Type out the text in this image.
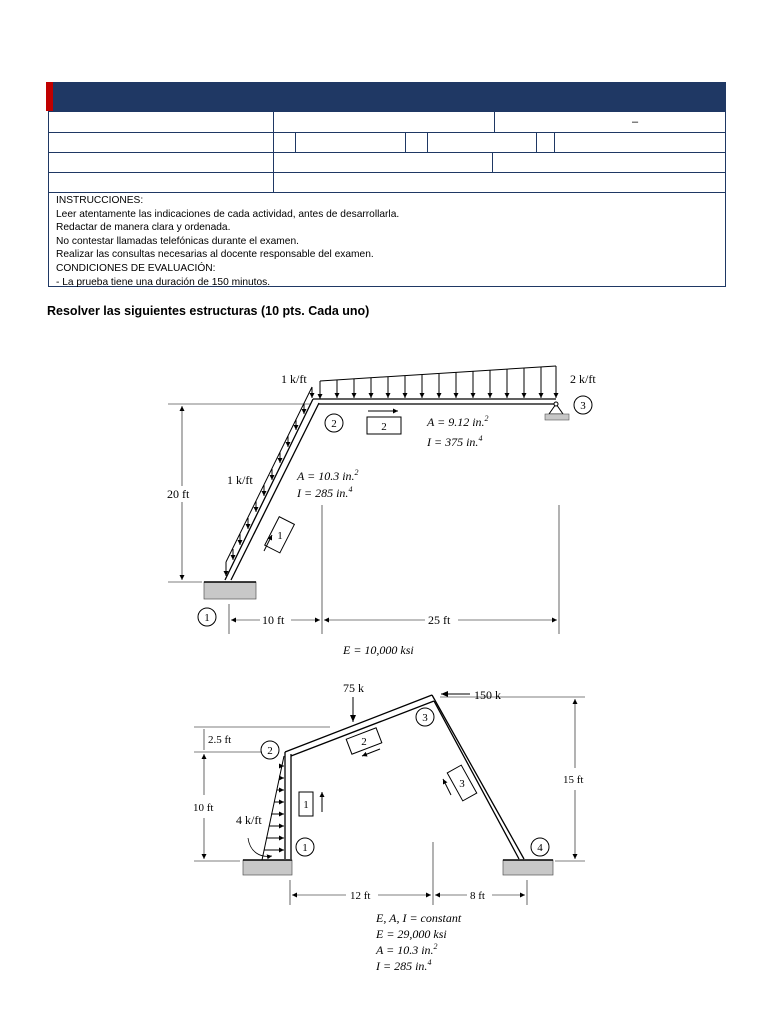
–
INSTRUCCIONES:
Leer atentamente las indicaciones de cada actividad, antes de desarrollarla.
Redactar de manera clara y ordenada.
No contestar llamadas telefónicas durante el examen.
Realizar las consultas necesarias al docente responsable del examen.
CONDICIONES DE EVALUACIÓN:
- La prueba tiene una duración de 150 minutos.
Resolver las siguientes estructuras (10 pts. Cada uno)
1 k/ft	2 k/ft
1 k/ft
2
3
2
1
A = 9.12 in.$^2$
I = 375 in.$^4$
A = 10.3 in.$^2$
I = 285 in.$^4$
20 ft
10 ft	25 ft
1
E = 10,000 ksi
4 k/ft
75 k	150 k
2
3
1	4
1
2
3
2.5 ft
10 ft
15 ft
12 ft	8 ft
E, A, I = constant
E = 29,000 ksi
A = 10.3 in.$^2$
I = 285 in.$^4$
